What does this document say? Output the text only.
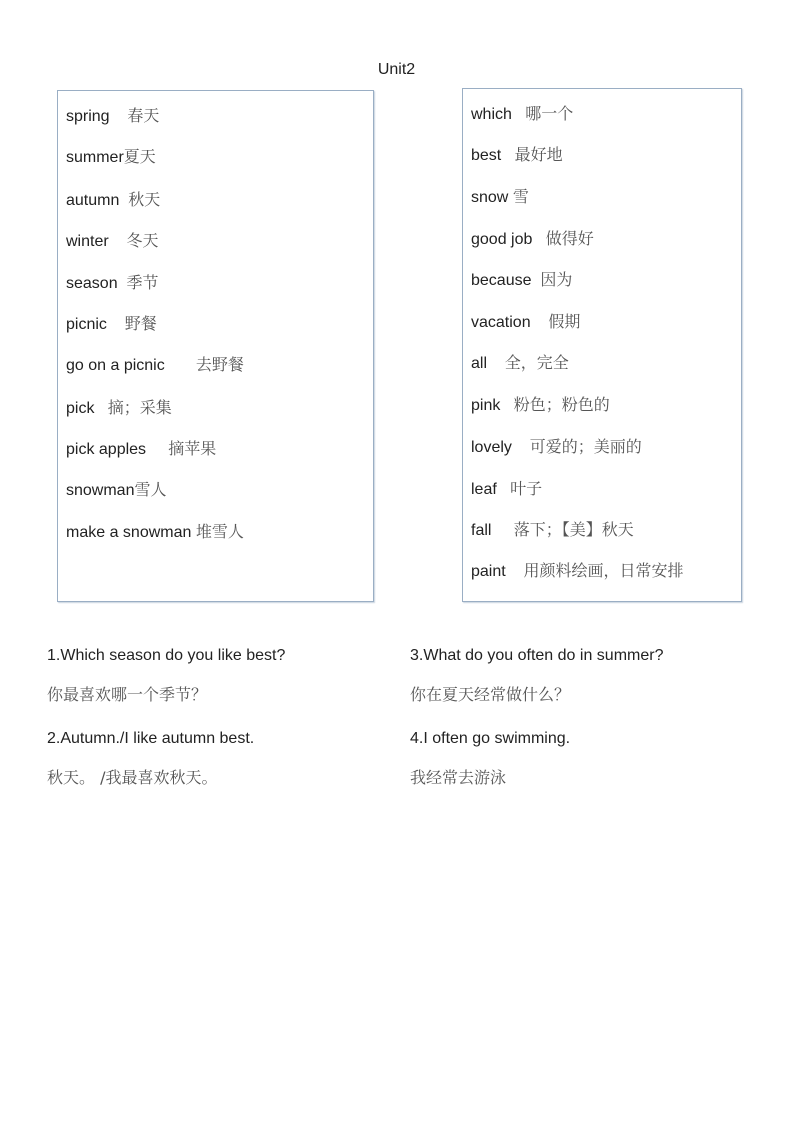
Unit2
spring 春天
summer夏天
autumn 秋天
winter 冬天
season 季节
picnic 野餐
go on a picnic 去野餐
pick 摘；采集
pick apples 摘苹果
snowman雪人
make a snowman 堆雪人
which 哪一个
best 最好地
snow 雪
good job 做得好
because 因为
vacation 假期
all 全，完全
pink 粉色；粉色的
lovely 可爱的；美丽的
leaf 叶子
fall 落下；【美】秋天
paint 用颜料绘画，日常安排
1.Which season do you like best?
你最喜欢哪一个季节？
2.Autumn./I like autumn best.
秋天。 /我最喜欢秋天。
3.What do you often do in summer?
你在夏天经常做什么？
4.I often go swimming.
我经常去游泳
